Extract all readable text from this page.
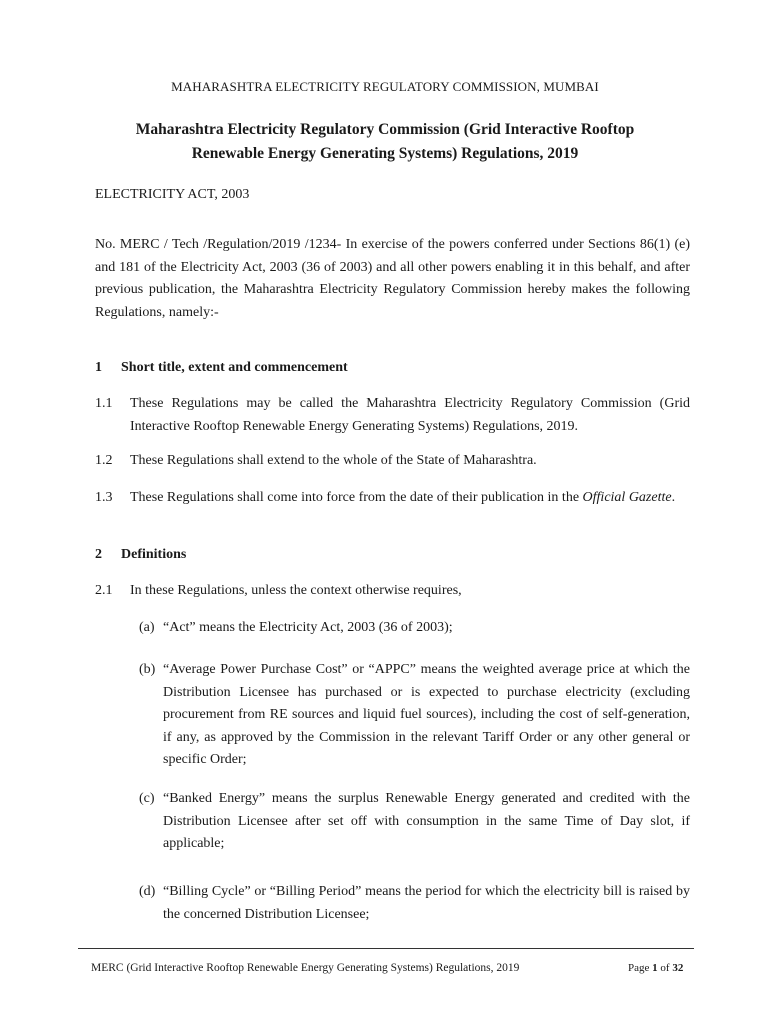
MAHARASHTRA ELECTRICITY REGULATORY COMMISSION, MUMBAI
Maharashtra Electricity Regulatory Commission (Grid Interactive Rooftop
Renewable Energy Generating Systems) Regulations, 2019
ELECTRICITY ACT, 2003
No. MERC / Tech /Regulation/2019 /1234- In exercise of the powers conferred under Sections 86(1) (e) and 181 of the Electricity Act, 2003 (36 of 2003) and all other powers enabling it in this behalf, and after previous publication, the Maharashtra Electricity Regulatory Commission hereby makes the following Regulations, namely:-
1 Short title, extent and commencement
1.1 These Regulations may be called the Maharashtra Electricity Regulatory Commission (Grid Interactive Rooftop Renewable Energy Generating Systems) Regulations, 2019.
1.2 These Regulations shall extend to the whole of the State of Maharashtra.
1.3 These Regulations shall come into force from the date of their publication in the Official Gazette.
2 Definitions
2.1 In these Regulations, unless the context otherwise requires,
(a) “Act” means the Electricity Act, 2003 (36 of 2003);
(b) “Average Power Purchase Cost” or “APPC” means the weighted average price at which the Distribution Licensee has purchased or is expected to purchase electricity (excluding procurement from RE sources and liquid fuel sources), including the cost of self-generation, if any, as approved by the Commission in the relevant Tariff Order or any other general or specific Order;
(c) “Banked Energy” means the surplus Renewable Energy generated and credited with the Distribution Licensee after set off with consumption in the same Time of Day slot, if applicable;
(d) “Billing Cycle” or “Billing Period” means the period for which the electricity bill is raised by the concerned Distribution Licensee;
MERC (Grid Interactive Rooftop Renewable Energy Generating Systems) Regulations, 2019	Page 1 of 32
